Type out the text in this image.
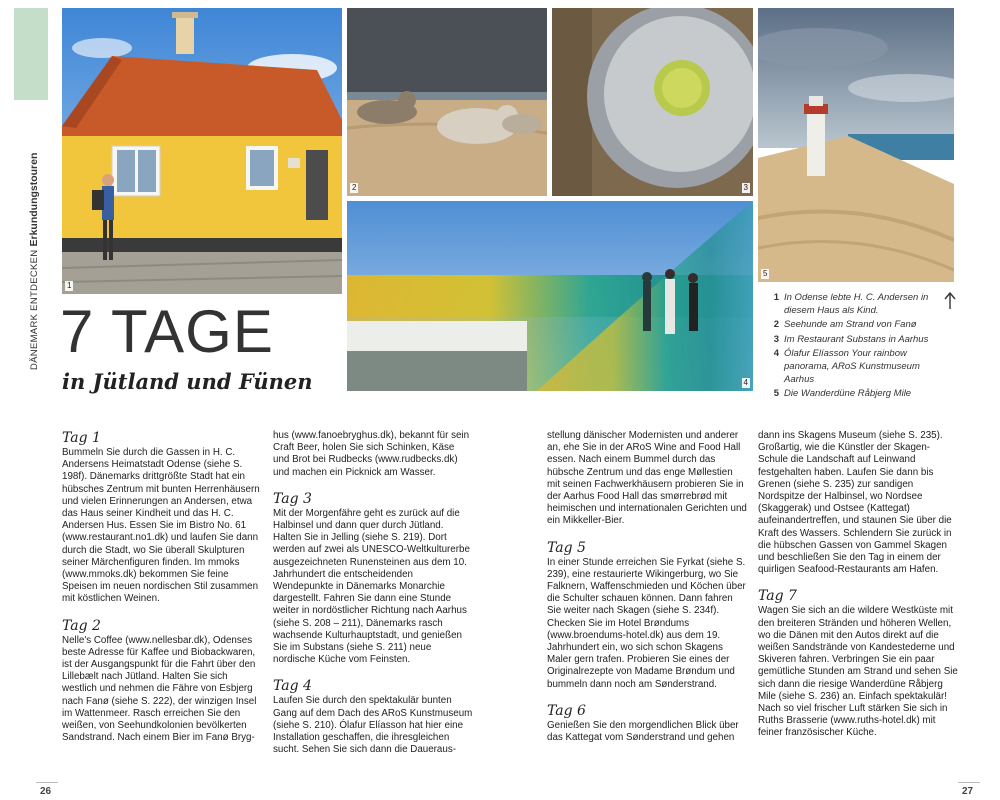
DÄNEMARK ENTDECKENErkundungstouren
1
2	3
4
5
7 TAGE
in Jütland und Fünen
1 In Odense lebte H. C. Andersen in diesem Haus als Kind.
2 Seehunde am Strand von Fanø
3 Im Restaurant Substans in Aarhus
4 Ólafur Elíasson Your rainbow panorama, ARoS Kunstmuseum Aarhus
5 Die Wanderdüne Råbjerg Mile
Tag 1

Bummeln Sie durch die Gassen in H. C. Andersens Heimatstadt Odense (siehe S. 198f). Dänemarks drittgrößte Stadt hat ein hübsches Zentrum mit bunten Herrenhäusern und vielen Erinnerungen an Andersen, etwa das Haus seiner Kindheit und das H. C. Andersen Hus. Essen Sie im Bistro No. 61 (www.restaurant.no1.dk) und laufen Sie dann durch die Stadt, wo Sie überall Skulpturen seiner Märchenfiguren finden. Im mmoks (www.mmoks.dk) bekommen Sie feine Speisen im neuen nordischen Stil zusammen mit köstlichen Weinen.

Tag 2

Nelle's Coffee (www.nellesbar.dk), Odenses beste Adresse für Kaffee und Biobackwaren, ist der Ausgangspunkt für die Fahrt über den Lillebælt nach Jütland. Halten Sie sich westlich und nehmen die Fähre von Esbjerg nach Fanø (siehe S. 222), der winzigen Insel im Wattenmeer. Rasch erreichen Sie den weißen, von Seehundkolonien bevölkerten Sandstrand. Nach einem Bier im Fanø Bryg-

hus (www.fanoebryghus.dk), bekannt für sein Craft Beer, holen Sie sich Schinken, Käse und Brot bei Rudbecks (www.rudbecks.dk) und machen ein Picknick am Wasser.

Tag 3

Mit der Morgenfähre geht es zurück auf die Halbinsel und dann quer durch Jütland. Halten Sie in Jelling (siehe S. 219). Dort werden auf zwei als UNESCO-Weltkulturerbe ausgezeichneten Runensteinen aus dem 10. Jahrhundert die entscheidenden Wendepunkte in Dänemarks Monarchie dargestellt. Fahren Sie dann eine Stunde weiter in nordöstlicher Richtung nach Aarhus (siehe S. 208 – 211), Dänemarks rasch wachsende Kulturhauptstadt, und genießen Sie im Substans (siehe S. 211) neue nordische Küche vom Feinsten.

Tag 4

Laufen Sie durch den spektakulär bunten Gang auf dem Dach des ARoS Kunstmuseum (siehe S. 210). Ólafur Elíasson hat hier eine Installation geschaffen, die ihresgleichen sucht. Sehen Sie sich dann die Daueraus-

stellung dänischer Modernisten und anderer an, ehe Sie in der ARoS Wine and Food Hall essen. Nach einem Bummel durch das hübsche Zentrum und das enge Møllestien mit seinen Fachwerkhäusern probieren Sie in der Aarhus Food Hall das smørrebrød mit heimischen und internationalen Gerichten und ein Mikkeller-Bier.

Tag 5

In einer Stunde erreichen Sie Fyrkat (siehe S. 239), eine restaurierte Wikingerburg, wo Sie Falknern, Waffenschmieden und Köchen über die Schulter schauen können. Dann fahren Sie weiter nach Skagen (siehe S. 234f). Checken Sie im Hotel Brøndums (www.broendums-hotel.dk) aus dem 19. Jahrhundert ein, wo sich schon Skagens Maler gern trafen. Probieren Sie eines der Originalrezepte von Madame Brøndum und bummeln dann noch am Sønderstrand.

Tag 6

Genießen Sie den morgendlichen Blick über das Kattegat vom Sønderstrand und gehen

dann ins Skagens Museum (siehe S. 235). Großartig, wie die Künstler der Skagen-Schule die Landschaft auf Leinwand festgehalten haben. Laufen Sie dann bis Grenen (siehe S. 235) zur sandigen Nordspitze der Halbinsel, wo Nordsee (Skaggerak) und Ostsee (Kattegat) aufeinandertreffen, und staunen Sie über die Kraft des Wassers. Schlendern Sie zurück in die hübschen Gassen von Gammel Skagen und beschließen Sie den Tag in einem der quirligen Seafood-Restaurants am Hafen.

Tag 7

Wagen Sie sich an die wildere Westküste mit den breiteren Stränden und höheren Wellen, wo die Dänen mit den Autos direkt auf die weißen Sandstrände von Kandestederne und Skiveren fahren. Verbringen Sie ein paar gemütliche Stunden am Strand und sehen Sie sich dann die riesige Wanderdüne Råbjerg Mile (siehe S. 236) an. Einfach spektakulär! Nach so viel frischer Luft stärken Sie sich in Ruths Brasserie (www.ruths-hotel.dk) mit feiner französischer Küche.

26	27
